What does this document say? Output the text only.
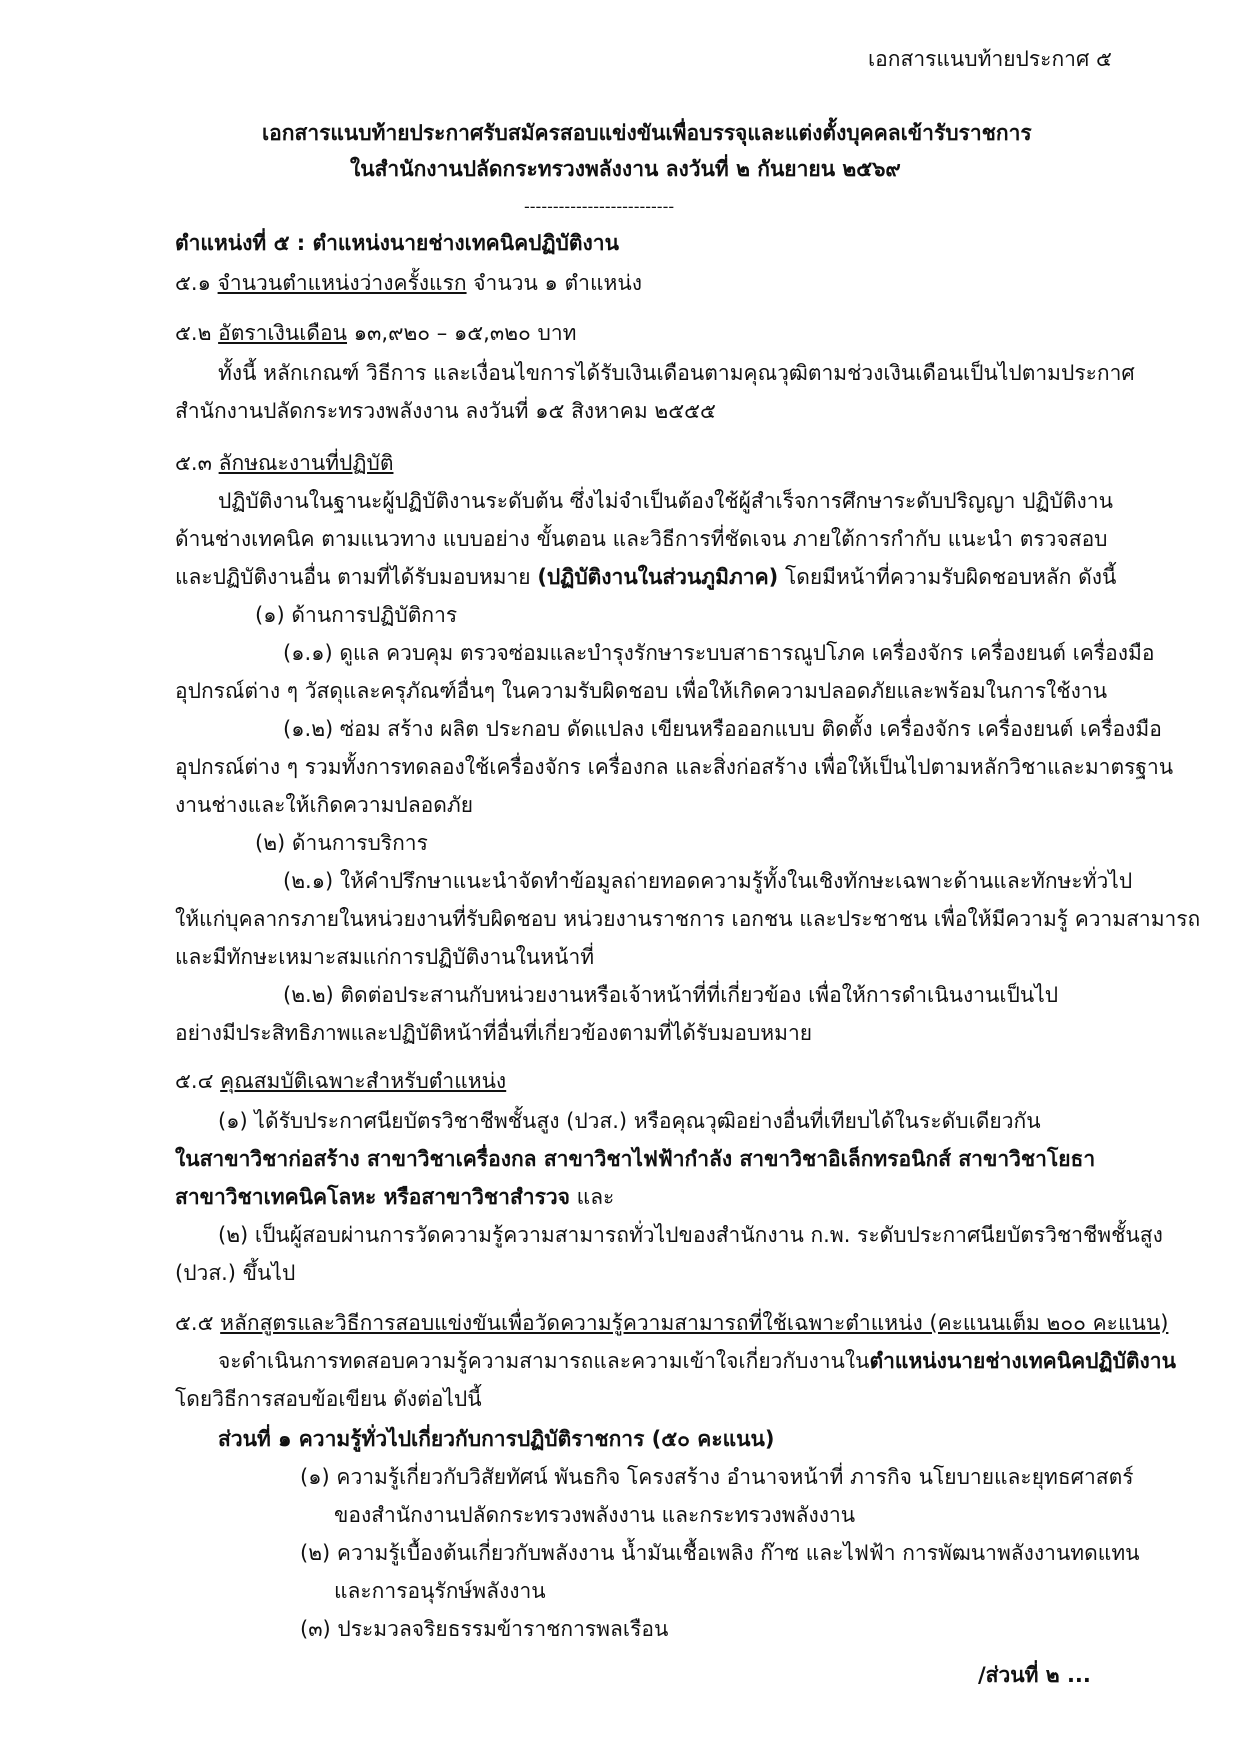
เอกสารแนบท้ายประกาศ ๕
เอกสารแนบท้ายประกาศรับสมัครสอบแข่งขันเพื่อบรรจุและแต่งตั้งบุคคลเข้ารับราชการ
ในสำนักงานปลัดกระทรวงพลังงาน ลงวันที่ ๒ กันยายน ๒๕๖๙
--------------------------
ตำแหน่งที่ ๕ : ตำแหน่งนายช่างเทคนิคปฏิบัติงาน
๕.๑ จำนวนตำแหน่งว่างครั้งแรก จำนวน ๑ ตำแหน่ง
๕.๒ อัตราเงินเดือน ๑๓,๙๒๐ – ๑๕,๓๒๐ บาท
ทั้งนี้ หลักเกณฑ์ วิธีการ และเงื่อนไขการได้รับเงินเดือนตามคุณวุฒิตามช่วงเงินเดือนเป็นไปตามประกาศ
สำนักงานปลัดกระทรวงพลังงาน ลงวันที่ ๑๕ สิงหาคม ๒๕๕๕
๕.๓ ลักษณะงานที่ปฏิบัติ
ปฏิบัติงานในฐานะผู้ปฏิบัติงานระดับต้น ซึ่งไม่จำเป็นต้องใช้ผู้สำเร็จการศึกษาระดับปริญญา ปฏิบัติงาน
ด้านช่างเทคนิค ตามแนวทาง แบบอย่าง ขั้นตอน และวิธีการที่ชัดเจน ภายใต้การกำกับ แนะนำ ตรวจสอบ
และปฏิบัติงานอื่น ตามที่ได้รับมอบหมาย (ปฏิบัติงานในส่วนภูมิภาค) โดยมีหน้าที่ความรับผิดชอบหลัก ดังนี้
(๑) ด้านการปฏิบัติการ
(๑.๑) ดูแล ควบคุม ตรวจซ่อมและบำรุงรักษาระบบสาธารณูปโภค เครื่องจักร เครื่องยนต์ เครื่องมือ
อุปกรณ์ต่าง ๆ วัสดุและครุภัณฑ์อื่นๆ ในความรับผิดชอบ เพื่อให้เกิดความปลอดภัยและพร้อมในการใช้งาน
(๑.๒) ซ่อม สร้าง ผลิต ประกอบ ดัดแปลง เขียนหรือออกแบบ ติดตั้ง เครื่องจักร เครื่องยนต์ เครื่องมือ
อุปกรณ์ต่าง ๆ รวมทั้งการทดลองใช้เครื่องจักร เครื่องกล และสิ่งก่อสร้าง เพื่อให้เป็นไปตามหลักวิชาและมาตรฐาน
งานช่างและให้เกิดความปลอดภัย
(๒) ด้านการบริการ
(๒.๑) ให้คำปรึกษาแนะนำจัดทำข้อมูลถ่ายทอดความรู้ทั้งในเชิงทักษะเฉพาะด้านและทักษะทั่วไป
ให้แก่บุคลากรภายในหน่วยงานที่รับผิดชอบ หน่วยงานราชการ เอกชน และประชาชน เพื่อให้มีความรู้ ความสามารถ
และมีทักษะเหมาะสมแก่การปฏิบัติงานในหน้าที่
(๒.๒) ติดต่อประสานกับหน่วยงานหรือเจ้าหน้าที่ที่เกี่ยวข้อง เพื่อให้การดำเนินงานเป็นไป
อย่างมีประสิทธิภาพและปฏิบัติหน้าที่อื่นที่เกี่ยวข้องตามที่ได้รับมอบหมาย
๕.๔ คุณสมบัติเฉพาะสำหรับตำแหน่ง
(๑) ได้รับประกาศนียบัตรวิชาชีพชั้นสูง (ปวส.) หรือคุณวุฒิอย่างอื่นที่เทียบได้ในระดับเดียวกัน
ในสาขาวิชาก่อสร้าง สาขาวิชาเครื่องกล สาขาวิชาไฟฟ้ากำลัง สาขาวิชาอิเล็กทรอนิกส์ สาขาวิชาโยธา
สาขาวิชาเทคนิคโลหะ หรือสาขาวิชาสำรวจ และ
(๒) เป็นผู้สอบผ่านการวัดความรู้ความสามารถทั่วไปของสำนักงาน ก.พ. ระดับประกาศนียบัตรวิชาชีพชั้นสูง
(ปวส.) ขึ้นไป
๕.๕ หลักสูตรและวิธีการสอบแข่งขันเพื่อวัดความรู้ความสามารถที่ใช้เฉพาะตำแหน่ง (คะแนนเต็ม ๒๐๐ คะแนน)
จะดำเนินการทดสอบความรู้ความสามารถและความเข้าใจเกี่ยวกับงานในตำแหน่งนายช่างเทคนิคปฏิบัติงาน
โดยวิธีการสอบข้อเขียน ดังต่อไปนี้
ส่วนที่ ๑ ความรู้ทั่วไปเกี่ยวกับการปฏิบัติราชการ (๕๐ คะแนน)
(๑) ความรู้เกี่ยวกับวิสัยทัศน์ พันธกิจ โครงสร้าง อำนาจหน้าที่ ภารกิจ นโยบายและยุทธศาสตร์
ของสำนักงานปลัดกระทรวงพลังงาน และกระทรวงพลังงาน
(๒) ความรู้เบื้องต้นเกี่ยวกับพลังงาน น้ำมันเชื้อเพลิง ก๊าซ และไฟฟ้า การพัฒนาพลังงานทดแทน
และการอนุรักษ์พลังงาน
(๓) ประมวลจริยธรรมข้าราชการพลเรือน
/ส่วนที่ ๒ ...
